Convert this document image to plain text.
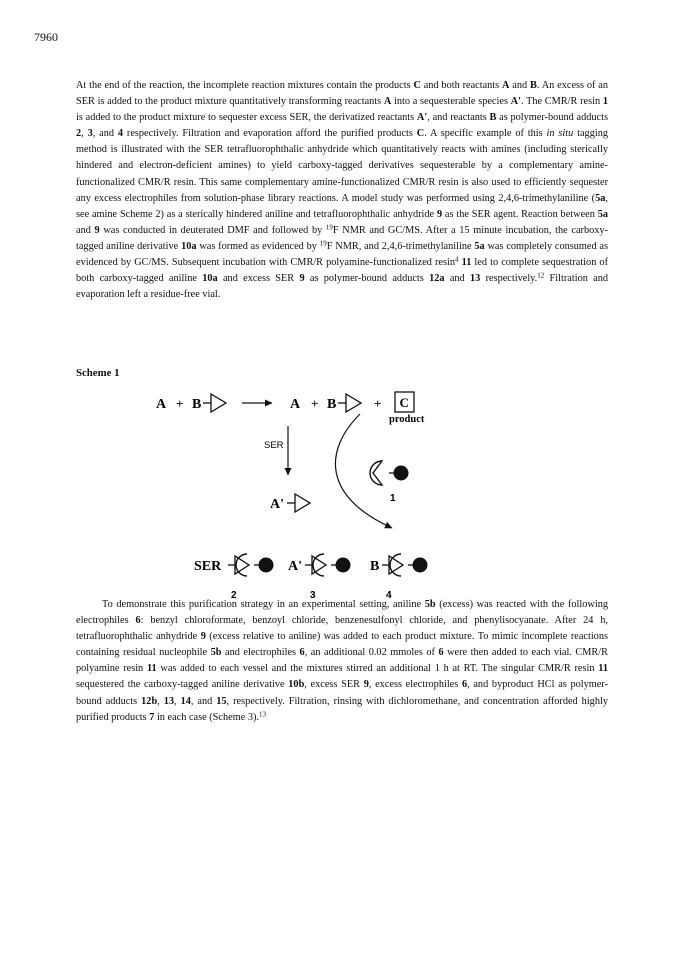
7960

At the end of the reaction, the incomplete reaction mixtures contain the products C and both reactants A and B. An excess of an SER is added to the product mixture quantitatively transforming reactants A into a sequesterable species A'. The CMR/R resin 1 is added to the product mixture to sequester excess SER, the derivatized reactants A', and reactants B as polymer-bound adducts 2, 3, and 4 respectively. Filtration and evaporation afford the purified products C. A specific example of this in situ tagging method is illustrated with the SER tetrafluorophthalic anhydride which quantitatively reacts with amines (including sterically hindered and electron-deficient amines) to yield carboxy-tagged derivatives sequesterable by a complementary amine-functionalized CMR/R resin. This same complementary amine-functionalized CMR/R resin is also used to efficiently sequester any excess electrophiles from solution-phase library reactions. A model study was performed using 2,4,6-trimethylaniline (5a, see amine Scheme 2) as a sterically hindered aniline and tetrafluorophthalic anhydride 9 as the SER agent. Reaction between 5a and 9 was conducted in deuterated DMF and followed by $^{19}$F NMR and GC/MS. After a 15 minute incubation, the carboxy-tagged aniline derivative 10a was formed as evidenced by $^{19}$F NMR, and 2,4,6-trimethylaniline 5a was completely consumed as evidenced by GC/MS. Subsequent incubation with CMR/R polyamine-functionalized resin$^4$ 11 led to complete sequestration of both carboxy-tagged aniline 10a and excess SER 9 as polymer-bound adducts 12a and 13 respectively.$^{12}$ Filtration and evaporation left a residue-free vial.

Scheme 1
A + B	A + B	+ C
product
SER
A'	1
SER
2
A'
3
B
4

To demonstrate this purification strategy in an experimental setting, aniline 5b (excess) was reacted with the following electrophiles 6: benzyl chloroformate, benzoyl chloride, benzenesulfonyl chloride, and phenylisocyanate. After 24 h, tetrafluorophthalic anhydride 9 (excess relative to aniline) was added to each product mixture. To mimic incomplete reactions containing residual nucleophile 5b and electrophiles 6, an additional 0.02 mmoles of 6 were then added to each vial. CMR/R polyamine resin 11 was added to each vessel and the mixtures stirred an additional 1 h at RT. The singular CMR/R resin 11 sequestered the carboxy-tagged aniline derivative 10b, excess SER 9, excess electrophiles 6, and byproduct HCl as polymer-bound adducts 12b, 13, 14, and 15, respectively. Filtration, rinsing with dichloromethane, and concentration afforded highly purified products 7 in each case (Scheme 3).$^{13}$
